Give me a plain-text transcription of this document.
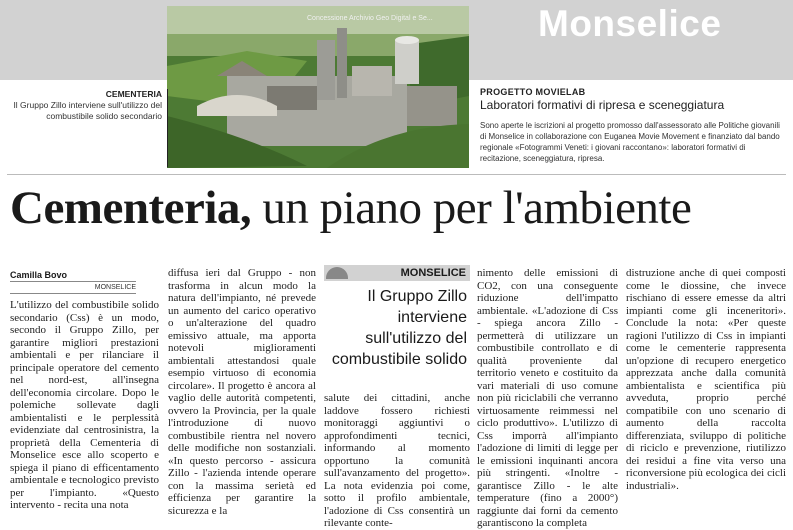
Monselice
Concessione Archivio Geo Digital e Se...
CEMENTERIA
Il Gruppo Zillo interviene sull'utilizzo del combustibile solido secondario
PROGETTO MOVIELAB
Laboratori formativi di ripresa e sceneggiatura
Sono aperte le iscrizioni al progetto promosso dall'assessorato alle Politiche giovanili di Monselice in collaborazione con Euganea Movie Movement e finanziato dal bando regionale «Fotogrammi Veneti: i giovani raccontano»: laboratori formativi di recitazione, sceneggiatura, ripresa.
Cementeria, un piano per l'ambiente
Camilla Bovo
MONSELICE
L'utilizzo del combustibile solido secondario (Css) è un modo, secondo il Gruppo Zillo, per garantire migliori prestazioni ambientali e per rilanciare il principale operatore del cemento nel nord-est, all'insegna dell'economia circolare. Dopo le polemiche sollevate dagli ambientalisti e le perplessità evidenziate dal centrosinistra, la proprietà della Cementeria di Monselice esce allo scoperto e spiega il piano di efficentamento ambientale e tecnologico previsto per l'impianto. «Questo intervento - recita una nota
diffusa ieri dal Gruppo - non trasforma in alcun modo la natura dell'impianto, né prevede un aumento del carico operativo o un'alterazione del quadro emissivo attuale, ma apporta notevoli miglioramenti ambientali attestandosi quale esempio virtuoso di economia circolare». Il progetto è ancora al vaglio delle autorità competenti, ovvero la Provincia, per la quale l'introduzione di nuovo combustibile rientra nel novero delle modifiche non sostanziali. «In questo percorso - assicura Zillo - l'azienda intende operare con la massima serietà ed efficienza per garantire la sicurezza e la
MONSELICE
Il Gruppo Zillo interviene sull'utilizzo del combustibile solido
salute dei cittadini, anche laddove fossero richiesti monitoraggi aggiuntivi o approfondimenti tecnici, informando al momento opportuno la comunità sull'avanzamento del progetto». La nota evidenzia poi come, sotto il profilo ambientale, l'adozione di Css consentirà un rilevante conte-
nimento delle emissioni di CO2, con una conseguente riduzione dell'impatto ambientale. «L'adozione di Css - spiega ancora Zillo - permetterà di utilizzare un combustibile controllato e di qualità proveniente dal territorio veneto e costituito da vari materiali di uso comune non più riciclabili che verranno virtuosamente reimmessi nel ciclo produttivo». L'utilizzo di Css imporrà all'impianto l'adozione di limiti di legge per le emissioni inquinanti ancora più stringenti. «Inoltre - garantisce Zillo - le alte temperature (fino a 2000°) raggiunte dai forni da cemento garantiscono la completa
distruzione anche di quei composti come le diossine, che invece rischiano di essere emesse da altri impianti come gli inceneritori». Conclude la nota: «Per queste ragioni l'utilizzo di Css in impianti come le cementerie rappresenta un'opzione di recupero energetico apprezzata anche dalla comunità ambientalista e scientifica più avveduta, proprio perché compatibile con uno scenario di aumento della raccolta differenziata, sviluppo di politiche di riciclo e prevenzione, riutilizzo dei residui a fine vita verso una riconversione più ecologica dei cicli industriali».
